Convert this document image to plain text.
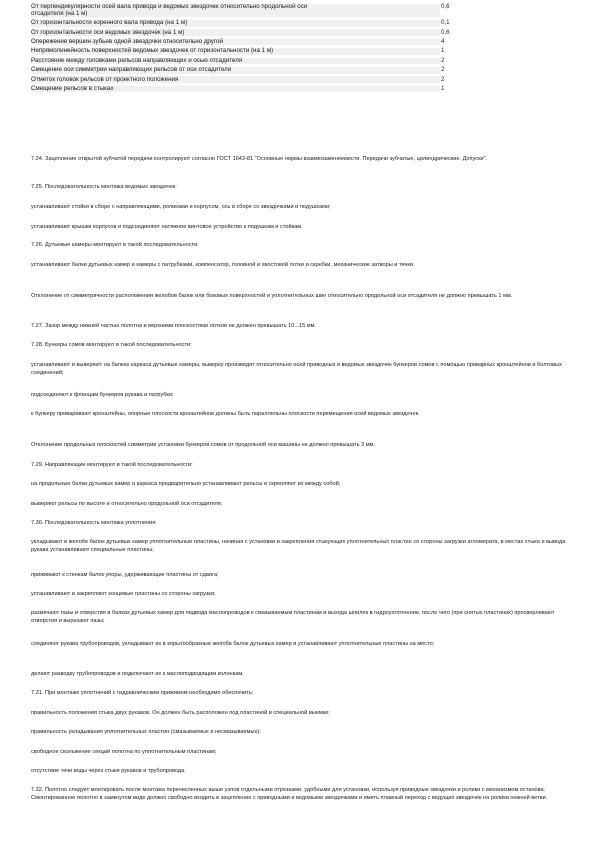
От перпендикулярности осей вала привода и ведомых звездочек относительно продольной оси	0,6
отсадителя (на 1 м)	

От горизонтальности коренного вала привода (на 1 м)	0,1

От горизонтальности оси ведомых звездочек (на 1 м)	0,6

Опережение вершин зубьев одной звездочки относительно другой	4

Непрямолинейность поверхностей ведомых звездочек от горизонтальности (на 1 м)	1

Расстояние между головками рельсов направляющих и осью отсадителя	2

Смещение оси симметрии направляющих рельсов от оси отсадителя	2

Отметок головок рельсов от проектного положения	2

Смещение рельсов в стыках	1

7.24. Зацепление открытой зубчатой передачи контролируют согласно ГОСТ 1643-81 "Основные нормы взаимозаменяемости. Передачи зубчатые, цилиндрические. Допуски".

7.25. Последовательность монтажа ведомых звездочек:

устанавливают стойки в сборе с направляющими, роликами и корпусом, ось в сборе со звездочками и подушками;

устанавливают крышки корпусов и подсоединяют натяжное винтовое устройство к подушкам и стойкам.

7.26. Дутьевые камеры монтируют в такой последовательности:

устанавливают балки дутьевых камер и камеры с патрубками, компенсатор, головной и хвостовой лотки и скребки, механические затворы и течки.

Отклонение от симметричности расположения желобов балок или боковых поверхностей и уплотнительных шин относительно продольной оси отсадителя не должно превышать 1 мм.

7.27. Зазор между нижней частью полотна и верхними плоскостями лотков не должен превышать 10...15 мм.

7.28. Бункеры сомов монтируют в такой последовательности:

устанавливают и выверяют на балках каркаса дутьевые камеры, выверку производят относительно осей приводных и ведомых звездочек бункеров сомов с помощью приварных кронштейнов и болтовых соединений;

подсоединяют к фланцам бункеров рукава и патрубки;

к бункеру приваривают кронштейны, опорные плоскости кронштейнов должны быть параллельны плоскости перемещения осей ведомых звездочек.

Отклонение продольных плоскостей симметрии установки бункеров сомов от продольной оси машины не должно превышать 3 мм.

7.29. Направляющие монтируют в такой последовательности:

на продольные балки дутьевых камер и каркаса предварительно устанавливают рельсы и скрепляют их между собой;

выверяют рельсы по высоте и относительно продольной оси отсадителя.

7.30. Последовательность монтажа уплотнения:

укладывают в желобе балок дутьевых камер уплотнительные пластины, начиная с установки и закрепления стыкующих уплотнительных пластин со стороны загрузки агломерата, в местах стыка и вывода рукава устанавливают специальные пластины;

прижимают к стенкам балок упоры, удерживающие пластины от сдвига;

устанавливают и закрепляют концевые пластины со стороны загрузки;

размечают пазы и отверстия в балках дутьевых камер для подвода маслопроводов к смазываемым пластинам и выхода шпилек в гидроуплотнение, после чего (при снятых пластинах) просверливают отверстия и вырезают пазы;

соединяют рукава трубопроводов, укладывают их в корытообразные желоба балок дутьевых камер и устанавливают уплотнительные пластины на место;

делают разводку трубопроводов и подключают их к маслоподводящим колонкам.

7.31. При монтаже уплотнений с гидравлическим прижимом необходимо обеспечить:

правильность положения стыка двух рукавов. Он должен быть расположен под пластиной в специальной выемке;

правильность укладывания уплотнительных пластин (смазываемых и несмазываемых);

свободное скольжение секций полотна по уплотнительным пластинам;

отсутствие течи воды через стыки рукавов и трубопровода.

7.32. Полотно следует монтировать после монтажа перечисленных выше узлов отдельными отрезками, удобными для установки, используя приводные звездочки и ролики с механизмом останова. Смонтированное полотно в замкнутом виде должно свободно входить в зацепление с приводными и ведомыми звездочками и иметь плавный переход с ведущих звездочек на ролики нижней ветви.
